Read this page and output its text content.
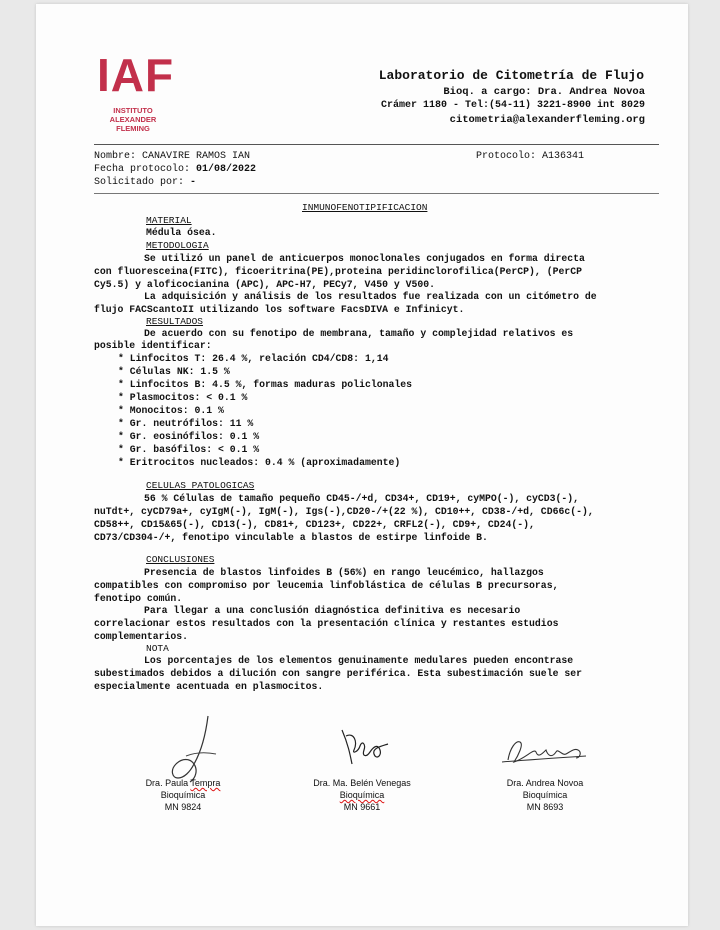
IAF
INSTITUTO
ALEXANDER
FLEMING
Laboratorio de Citometría de Flujo
Bioq. a cargo: Dra. Andrea Novoa
Crámer 1180 - Tel:(54-11) 3221-8900 int 8029
citometria@alexanderfleming.org
Nombre: CANAVIRE RAMOS IAN	Protocolo: A136341
Fecha protocolo: 01/08/2022
Solicitado por: -
INMUNOFENOTIPIFICACION
MATERIAL
Médula ósea.
METODOLOGIA
Se utilizó un panel de anticuerpos monoclonales conjugados en forma directa
con fluoresceina(FITC), ficoeritrina(PE),proteina peridinclorofilica(PerCP), (PerCP
Cy5.5) y aloficocianina (APC), APC-H7, PECy7, V450 y V500.
La adquisición y análisis de los resultados fue realizada con un citómetro de
flujo FACScantoII utilizando los software FacsDIVA e Infinicyt.
RESULTADOS
De acuerdo con su fenotipo de membrana, tamaño y complejidad relativos es
posible identificar:
* Linfocitos T: 26.4 %, relación CD4/CD8: 1,14
* Células NK: 1.5 %
* Linfocitos B: 4.5 %, formas maduras policlonales
* Plasmocitos: < 0.1 %
* Monocitos: 0.1 %
* Gr. neutrófilos: 11 %
* Gr. eosinófilos: 0.1 %
* Gr. basófilos: < 0.1 %
* Eritrocitos nucleados: 0.4 % (aproximadamente)
CELULAS PATOLOGICAS
56 % Células de tamaño pequeño CD45-/+d, CD34+, CD19+, cyMPO(-), cyCD3(-),
nuTdt+, cyCD79a+, cyIgM(-), IgM(-), Igs(-),CD20-/+(22 %), CD10++, CD38-/+d, CD66c(-),
CD58++, CD15&65(-), CD13(-), CD81+, CD123+, CD22+, CRFL2(-), CD9+, CD24(-),
CD73/CD304-/+, fenotipo vinculable a blastos de estirpe linfoide B.
CONCLUSIONES
Presencia de blastos linfoides B (56%) en rango leucémico, hallazgos
compatibles con compromiso por leucemia linfoblástica de células B precursoras,
fenotipo común.
Para llegar a una conclusión diagnóstica definitiva es necesario
correlacionar estos resultados con la presentación clínica y restantes estudios
complementarios.
NOTA
Los porcentajes de los elementos genuinamente medulares pueden encontrase
subestimados debidos a dilución con sangre periférica. Esta subestimación suele ser
especialmente acentuada en plasmocitos.
Dra. Paula Tempra
Bioquímica
MN 9824
Dra. Ma. Belén Venegas
Bioquímica
MN 9661
Dra. Andrea Novoa
Bioquímica
MN 8693
